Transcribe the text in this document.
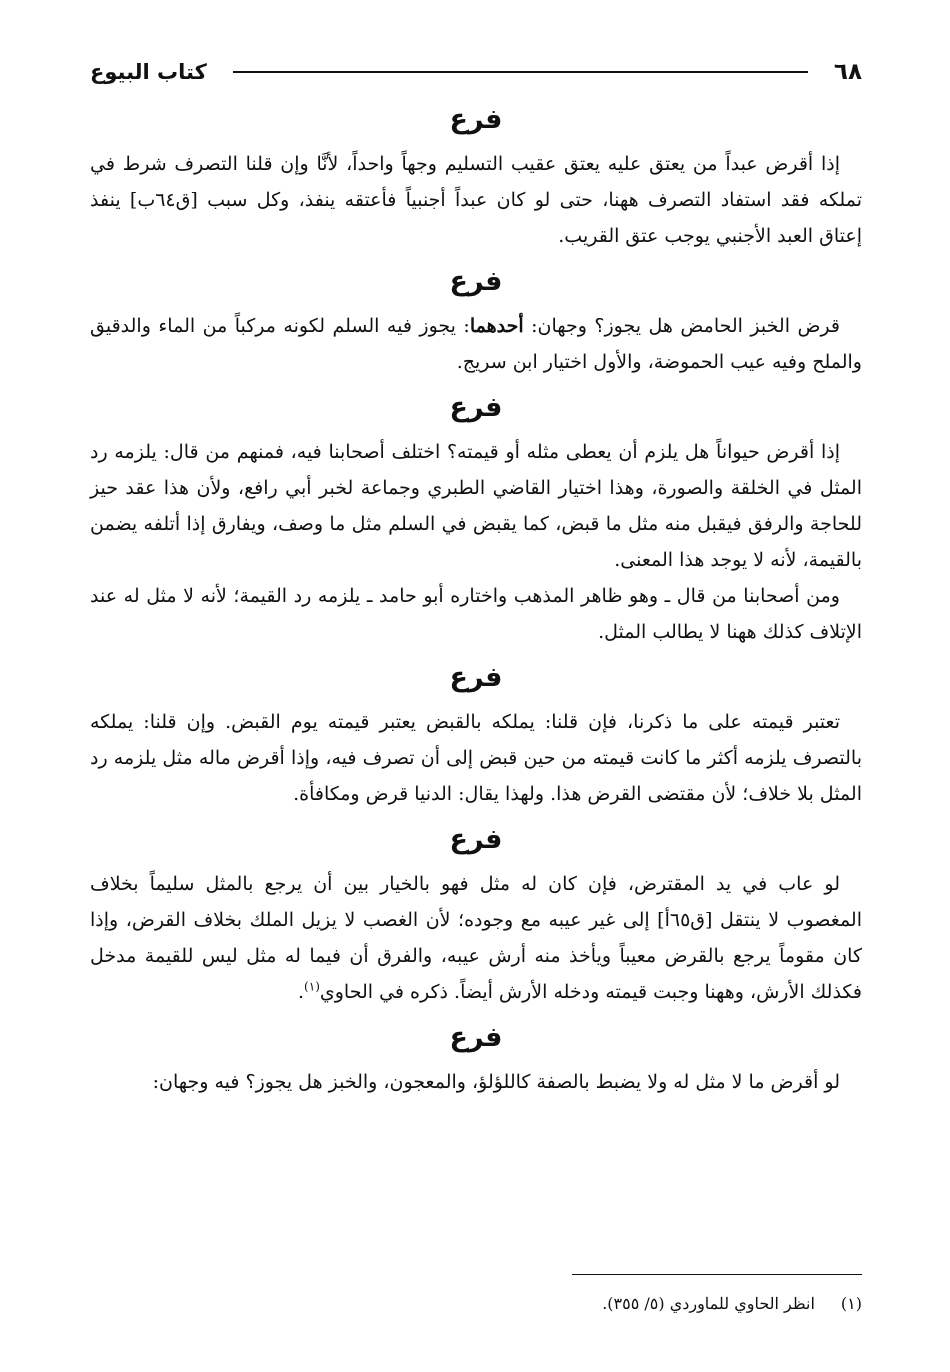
٦٨
كتاب البيوع
فرع

إذا أقرض عبداً من يعتق عليه يعتق عقيب التسليم وجهاً واحداً، لأنَّا وإن قلنا التصرف شرط في تملكه فقد استفاد التصرف ههنا، حتى لو كان عبداً أجنبياً فأعتقه ينفذ، وكل سبب [ق٦٤ب] ينفذ إعتاق العبد الأجنبي يوجب عتق القريب.

فرع

قرض الخبز الحامض هل يجوز؟ وجهان: أحدهما: يجوز فيه السلم لكونه مركباً من الماء والدقيق والملح وفيه عيب الحموضة، والأول اختيار ابن سريج.

فرع

إذا أقرض حيواناً هل يلزم أن يعطى مثله أو قيمته؟ اختلف أصحابنا فيه، فمنهم من قال: يلزمه رد المثل في الخلقة والصورة، وهذا اختيار القاضي الطبري وجماعة لخبر أبي رافع، ولأن هذا عقد حيز للحاجة والرفق فيقبل منه مثل ما قبض، كما يقبض في السلم مثل ما وصف، ويفارق إذا أتلفه يضمن بالقيمة، لأنه لا يوجد هذا المعنى.

ومن أصحابنا من قال ـ وهو ظاهر المذهب واختاره أبو حامد ـ يلزمه رد القيمة؛ لأنه لا مثل له عند الإتلاف كذلك ههنا لا يطالب المثل.

فرع

تعتبر قيمته على ما ذكرنا، فإن قلنا: يملكه بالقبض يعتبر قيمته يوم القبض. وإن قلنا: يملكه بالتصرف يلزمه أكثر ما كانت قيمته من حين قبض إلى أن تصرف فيه، وإذا أقرض ماله مثل يلزمه رد المثل بلا خلاف؛ لأن مقتضى القرض هذا. ولهذا يقال: الدنيا قرض ومكافأة.

فرع

لو عاب في يد المقترض، فإن كان له مثل فهو بالخيار بين أن يرجع بالمثل سليماً بخلاف المغصوب لا ينتقل [ق٦٥أ] إلى غير عيبه مع وجوده؛ لأن الغصب لا يزيل الملك بخلاف القرض، وإذا كان مقوماً يرجع بالقرض معيباً ويأخذ منه أرش عيبه، والفرق أن فيما له مثل ليس للقيمة مدخل فكذلك الأرش، وههنا وجبت قيمته ودخله الأرش أيضاً. ذكره في الحاوي$^{(١)}$.

فرع

لو أقرض ما لا مثل له ولا يضبط بالصفة كاللؤلؤ، والمعجون، والخبز هل يجوز؟ فيه وجهان:

(١)
انظر الحاوي للماوردي (٥/ ٣٥٥).
